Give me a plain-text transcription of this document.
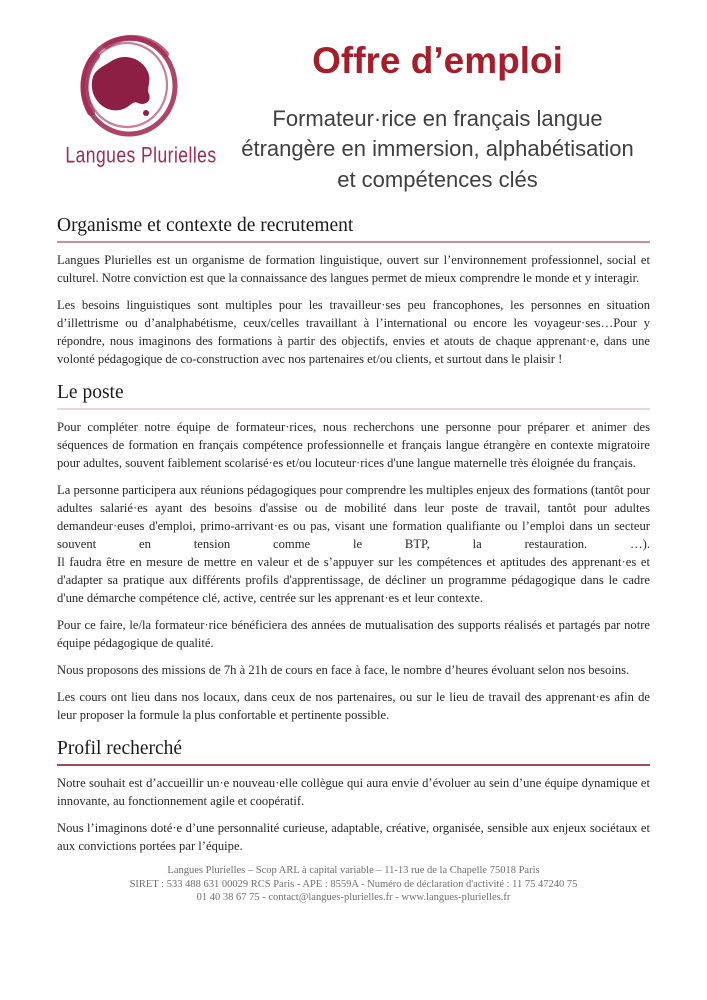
Langues Plurielles
Offre d’emploi
Formateur·rice en français langue étrangère en immersion, alphabétisation et compétences clés
Organisme et contexte de recrutement

Langues Plurielles est un organisme de formation linguistique, ouvert sur l’environnement professionnel, social et culturel. Notre conviction est que la connaissance des langues permet de mieux comprendre le monde et y interagir.

Les besoins linguistiques sont multiples pour les travailleur·ses peu francophones, les personnes en situation d’illettrisme ou d’analphabétisme, ceux/celles travaillant à l’international ou encore les voyageur·ses…Pour y répondre, nous imaginons des formations à partir des objectifs, envies et atouts de chaque apprenant·e, dans une volonté pédagogique de co-construction avec nos partenaires et/ou clients, et surtout dans le plaisir !

Le poste

Pour compléter notre équipe de formateur·rices, nous recherchons une personne pour préparer et animer des séquences de formation en français compétence professionnelle et français langue étrangère en contexte migratoire pour adultes, souvent faiblement scolarisé·es et/ou locuteur·rices d'une langue maternelle très éloignée du français.

La personne participera aux réunions pédagogiques pour comprendre les multiples enjeux des formations (tantôt pour adultes salarié·es ayant des besoins d'assise ou de mobilité dans leur poste de travail, tantôt pour adultes demandeur·euses d'emploi, primo-arrivant·es ou pas, visant une formation qualifiante ou l’emploi dans un secteur souvent en tension comme le BTP, la restauration. …).
Il faudra être en mesure de mettre en valeur et de s’appuyer sur les compétences et aptitudes des apprenant·es et d'adapter sa pratique aux différents profils d'apprentissage, de décliner un programme pédagogique dans le cadre d'une démarche compétence clé, active, centrée sur les apprenant·es et leur contexte.

Pour ce faire, le/la formateur·rice bénéficiera des années de mutualisation des supports réalisés et partagés par notre équipe pédagogique de qualité.

Nous proposons des missions de 7h à 21h de cours en face à face, le nombre d’heures évoluant selon nos besoins.

Les cours ont lieu dans nos locaux, dans ceux de nos partenaires, ou sur le lieu de travail des apprenant·es afin de leur proposer la formule la plus confortable et pertinente possible.

Profil recherché

Notre souhait est d’accueillir un·e nouveau·elle collègue qui aura envie d’évoluer au sein d’une équipe dynamique et innovante, au fonctionnement agile et coopératif.

Nous l’imaginons doté·e d’une personnalité curieuse, adaptable, créative, organisée, sensible aux enjeux sociétaux et aux convictions portées par l’équipe.

Langues Plurielles – Scop ARL à capital variable – 11-13 rue de la Chapelle 75018 Paris
SIRET : 533 488 631 00029 RCS Paris - APE : 8559A - Numéro de déclaration d'activité : 11 75 47240 75
01 40 38 67 75 - contact@langues-plurielles.fr - www.langues-plurielles.fr
